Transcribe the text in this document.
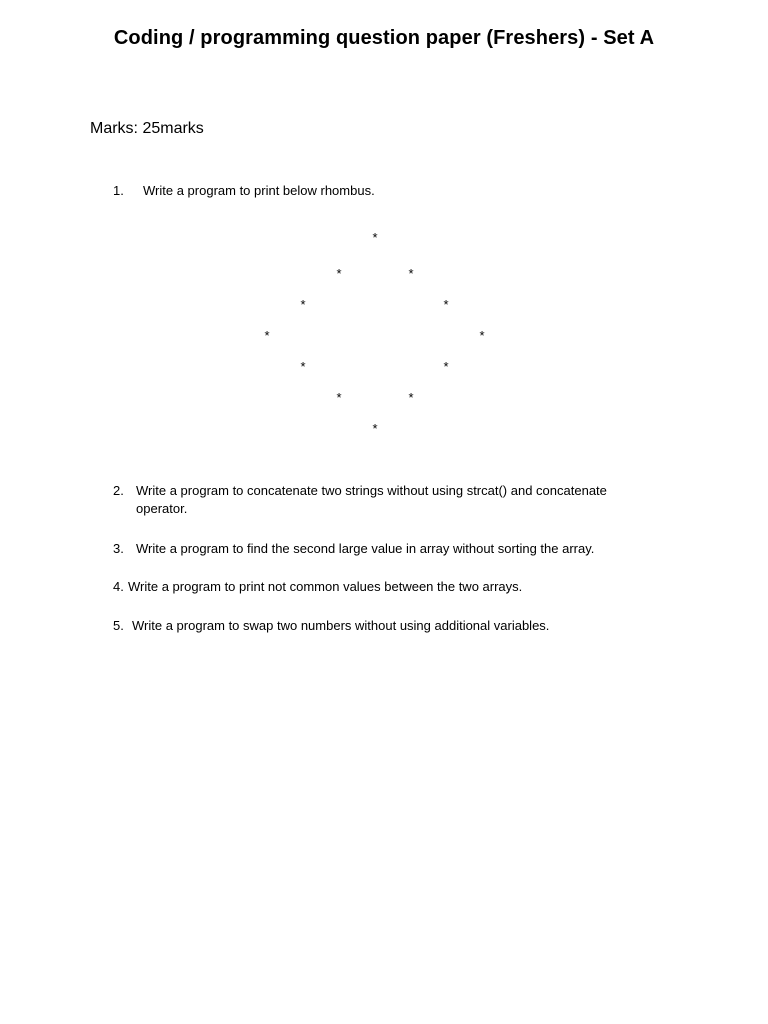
Coding / programming question paper (Freshers) - Set A
Marks: 25marks
1. Write a program to print below rhombus.
*
*	*
*	*
*	*
*	*
*	*
*
2. Write a program to concatenate two strings without using strcat() and concatenate operator.
3. Write a program to find the second large value in array without sorting the array.
4. Write a program to print not common values between the two arrays.
5. Write a program to swap two numbers without using additional variables.
